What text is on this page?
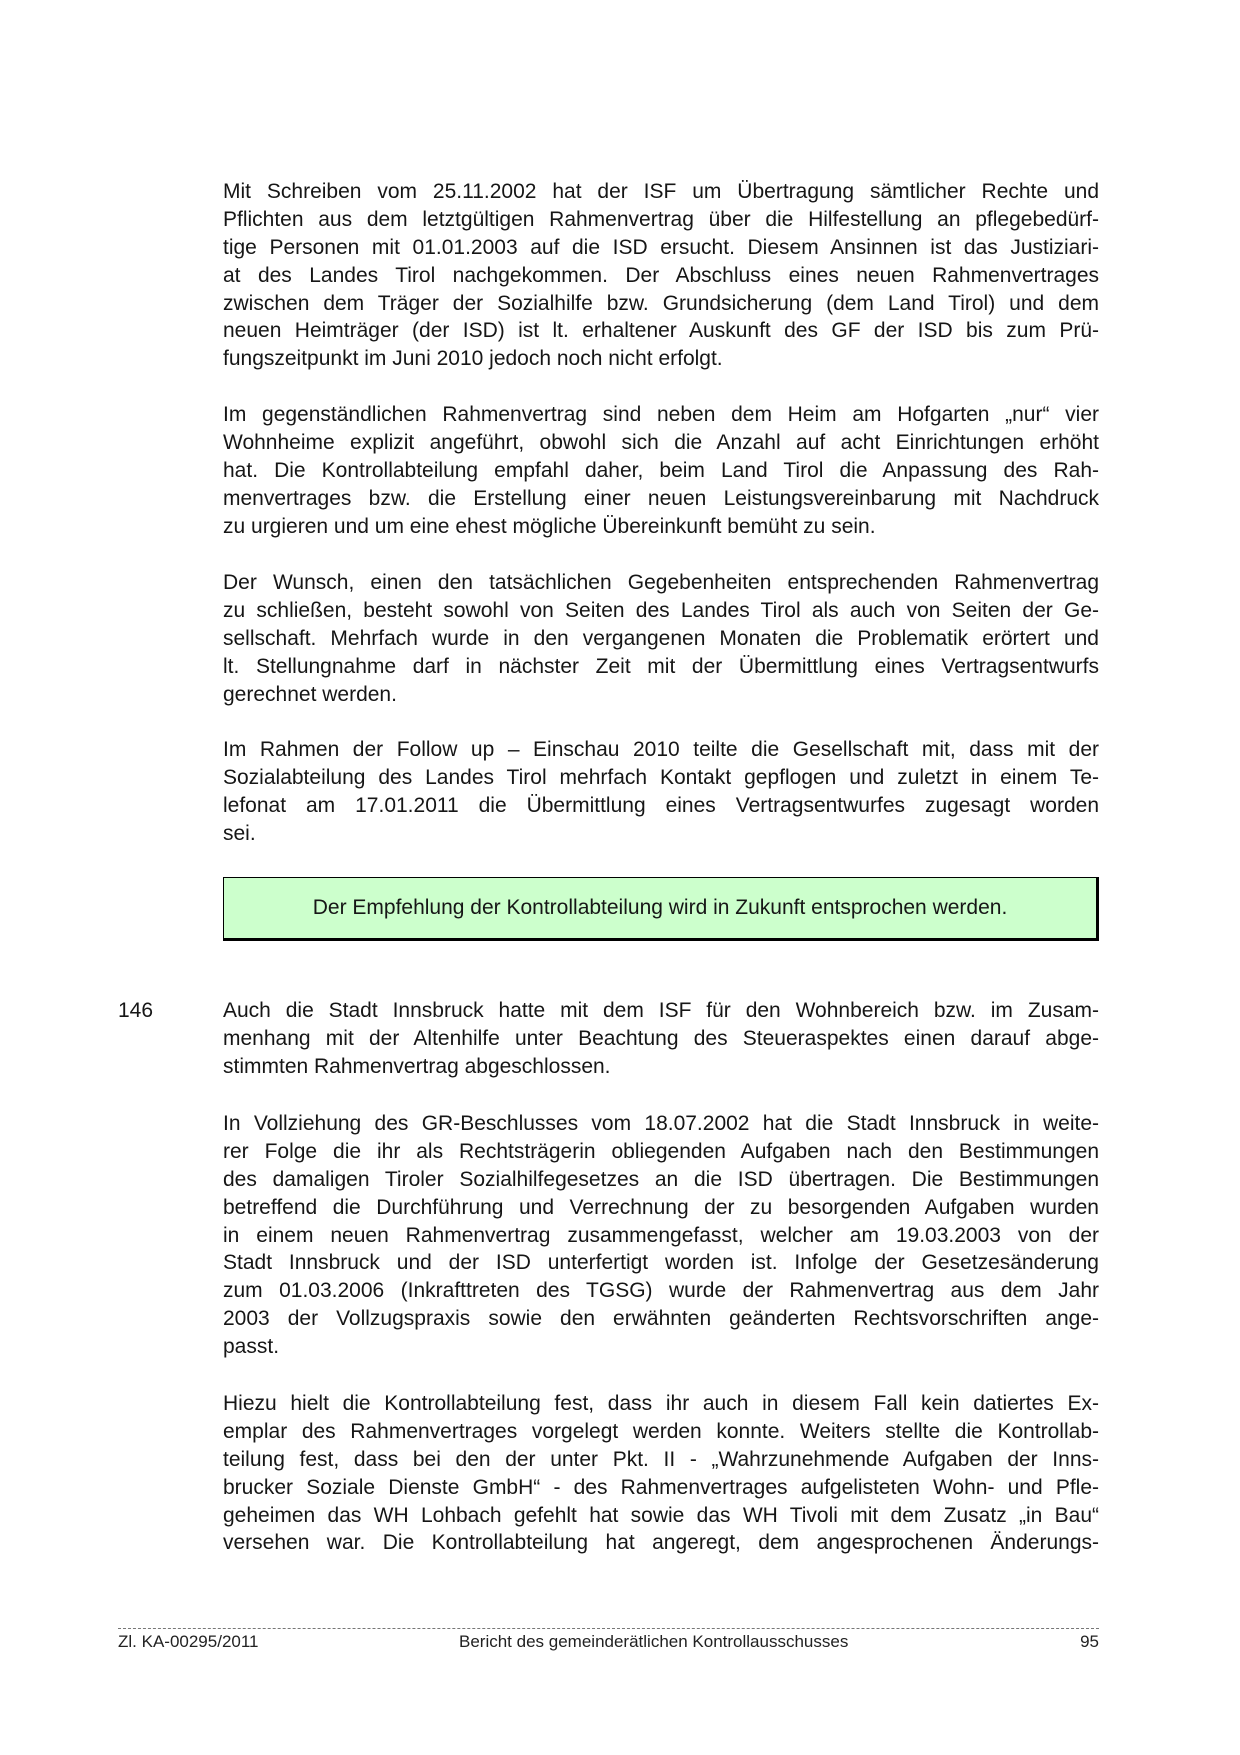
Mit Schreiben vom 25.11.2002 hat der ISF um Übertragung sämtlicher Rechte und
Pflichten aus dem letztgültigen Rahmenvertrag über die Hilfestellung an pflegebedürf-
tige Personen mit 01.01.2003 auf die ISD ersucht. Diesem Ansinnen ist das Justiziari-
at des Landes Tirol nachgekommen. Der Abschluss eines neuen Rahmenvertrages
zwischen dem Träger der Sozialhilfe bzw. Grundsicherung (dem Land Tirol) und dem
neuen Heimträger (der ISD) ist lt. erhaltener Auskunft des GF der ISD bis zum Prü-
fungszeitpunkt im Juni 2010 jedoch noch nicht erfolgt.
Im gegenständlichen Rahmenvertrag sind neben dem Heim am Hofgarten „nur“ vier
Wohnheime explizit angeführt, obwohl sich die Anzahl auf acht Einrichtungen erhöht
hat. Die Kontrollabteilung empfahl daher, beim Land Tirol die Anpassung des Rah-
menvertrages bzw. die Erstellung einer neuen Leistungsvereinbarung mit Nachdruck
zu urgieren und um eine ehest mögliche Übereinkunft bemüht zu sein.
Der Wunsch, einen den tatsächlichen Gegebenheiten entsprechenden Rahmenvertrag
zu schließen, besteht sowohl von Seiten des Landes Tirol als auch von Seiten der Ge-
sellschaft. Mehrfach wurde in den vergangenen Monaten die Problematik erörtert und
lt. Stellungnahme darf in nächster Zeit mit der Übermittlung eines Vertragsentwurfs
gerechnet werden.
Im Rahmen der Follow up – Einschau 2010 teilte die Gesellschaft mit, dass mit der
Sozialabteilung des Landes Tirol mehrfach Kontakt gepflogen und zuletzt in einem Te-
lefonat am 17.01.2011 die Übermittlung eines Vertragsentwurfes zugesagt worden
sei.
Der Empfehlung der Kontrollabteilung wird in Zukunft entsprochen werden.
146	Auch die Stadt Innsbruck hatte mit dem ISF für den Wohnbereich bzw. im Zusam-
menhang mit der Altenhilfe unter Beachtung des Steueraspektes einen darauf abge-
stimmten Rahmenvertrag abgeschlossen.
In Vollziehung des GR-Beschlusses vom 18.07.2002 hat die Stadt Innsbruck in weite-
rer Folge die ihr als Rechtsträgerin obliegenden Aufgaben nach den Bestimmungen
des damaligen Tiroler Sozialhilfegesetzes an die ISD übertragen. Die Bestimmungen
betreffend die Durchführung und Verrechnung der zu besorgenden Aufgaben wurden
in einem neuen Rahmenvertrag zusammengefasst, welcher am 19.03.2003 von der
Stadt Innsbruck und der ISD unterfertigt worden ist. Infolge der Gesetzesänderung
zum 01.03.2006 (Inkrafttreten des TGSG) wurde der Rahmenvertrag aus dem Jahr
2003 der Vollzugspraxis sowie den erwähnten geänderten Rechtsvorschriften ange-
passt.
Hiezu hielt die Kontrollabteilung fest, dass ihr auch in diesem Fall kein datiertes Ex-
emplar des Rahmenvertrages vorgelegt werden konnte. Weiters stellte die Kontrollab-
teilung fest, dass bei den der unter Pkt. II - „Wahrzunehmende Aufgaben der Inns-
brucker Soziale Dienste GmbH“ - des Rahmenvertrages aufgelisteten Wohn- und Pfle-
geheimen das WH Lohbach gefehlt hat sowie das WH Tivoli mit dem Zusatz „in Bau“
versehen war. Die Kontrollabteilung hat angeregt, dem angesprochenen Änderungs-
Zl. KA-00295/2011	Bericht des gemeinderätlichen Kontrollausschusses	95
